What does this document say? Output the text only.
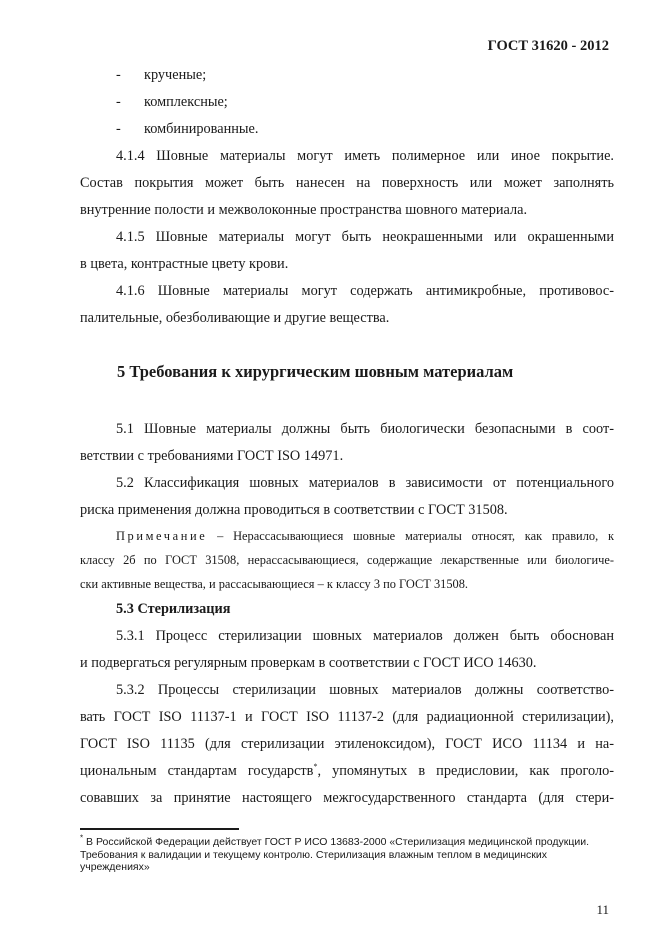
ГОСТ 31620 - 2012
- кручeные;
- комплексные;
- комбинированные.
4.1.4 Шовные материалы могут иметь полимерное или иное покрытие.
Состав покрытия может быть нанесен на поверхность или может заполнять
внутренние полости и межволоконные пространства шовного материала.
4.1.5 Шовные материалы могут быть неокрашенными или окрашенными
в цвета, контрастные цвету крови.
4.1.6 Шовные материалы могут содержать антимикробные, противовос-
палительные, обезболивающие и другие вещества.
5 Требования к хирургическим шовным материалам
5.1 Шовные материалы должны быть биологически безопасными в соот-
ветствии с требованиями ГОСТ ISO 14971.
5.2 Классификация шовных материалов в зависимости от потенциального
риска применения должна проводиться в соответствии с ГОСТ 31508.
Примечание – Нерассасывающиеся шовные материалы относят, как правило, к
классу 2б по ГОСТ 31508, нерассасывающиеся, содержащие лекарственные или биологиче-
ски активные вещества, и рассасывающиеся – к классу 3 по ГОСТ 31508.
5.3 Стерилизация
5.3.1 Процесс стерилизации шовных материалов должен быть обоснован
и подвергаться регулярным проверкам в соответствии с ГОСТ ИСО 14630.
5.3.2 Процессы стерилизации шовных материалов должны соответство-
вать ГОСТ ISO 11137-1 и ГОСТ ISO 11137-2 (для радиационной стерилизации),
ГОСТ ISO 11135 (для стерилизации этиленоксидом), ГОСТ ИСО 11134 и на-
циональным стандартам государств*, упомянутых в предисловии, как проголо-
совавших за принятие настоящего межгосударственного стандарта (для стери-
* В Российской Федерации действует ГОСТ Р ИСО 13683-2000 «Стерилизация медицинской продукции. Требования к валидации и текущему контролю. Стерилизация влажным теплом в медицинских учреждениях»
11
